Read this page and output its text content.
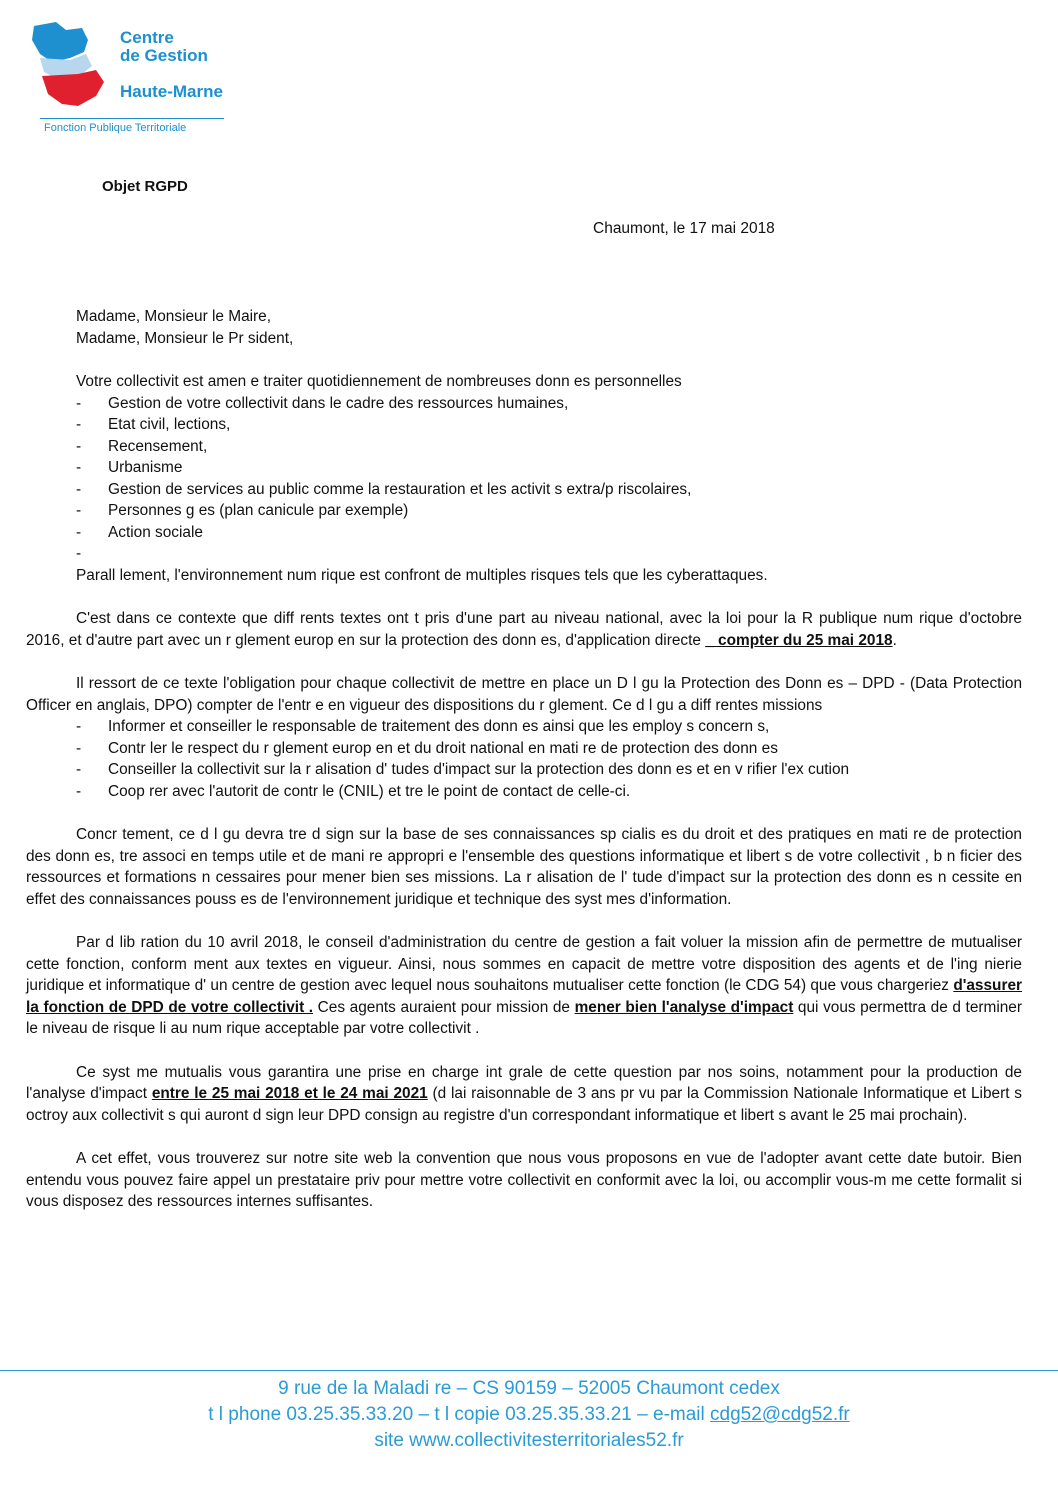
Centre
de Gestion
Haute-Marne
Fonction Publique Territoriale
Objet RGPD
Chaumont, le 17 mai 2018

Madame, Monsieur le Maire,

Madame, Monsieur le Pr sident,

Votre collectivit est amen e traiter quotidiennement de nombreuses donn es personnelles

- Gestion de votre collectivit dans le cadre des ressources humaines,
- Etat civil, lections,
- Recensement,
- Urbanisme
- Gestion de services au public comme la restauration et les activit s extra/p riscolaires,
- Personnes g es (plan canicule par exemple)
- Action sociale
-

Parall lement, l'environnement num rique est confront de multiples risques tels que les cyberattaques.

C'est dans ce contexte que diff rents textes ont t pris d'une part au niveau national, avec la loi pour la R publique num rique d'octobre 2016, et d'autre part avec un r glement europ en sur la protection des donn es, d'application directe _ compter du 25 mai 2018.

Il ressort de ce texte l'obligation pour chaque collectivit de mettre en place un D l gu la Protection des Donn es – DPD - (Data Protection Officer en anglais, DPO) compter de l'entr e en vigueur des dispositions du r glement. Ce d l gu a diff rentes missions

- Informer et conseiller le responsable de traitement des donn es ainsi que les employ s concern s,
- Contr ler le respect du r glement europ en et du droit national en mati re de protection des donn es
- Conseiller la collectivit sur la r alisation d' tudes d'impact sur la protection des donn es et en v rifier l'ex cution
- Coop rer avec l'autorit de contr le (CNIL) et tre le point de contact de celle-ci.

Concr tement, ce d l gu devra tre d sign sur la base de ses connaissances sp cialis es du droit et des pratiques en mati re de protection des donn es, tre associ en temps utile et de mani re appropri e l'ensemble des questions informatique et libert s de votre collectivit , b n ficier des ressources et formations n cessaires pour mener bien ses missions. La r alisation de l' tude d'impact sur la protection des donn es n cessite en effet des connaissances pouss es de l'environnement juridique et technique des syst mes d'information.

Par d lib ration du 10 avril 2018, le conseil d'administration du centre de gestion a fait voluer la mission afin de permettre de mutualiser cette fonction, conform ment aux textes en vigueur. Ainsi, nous sommes en capacit de mettre votre disposition des agents et de l'ing nierie juridique et informatique d' un centre de gestion avec lequel nous souhaitons mutualiser cette fonction (le CDG 54) que vous chargeriez d'assurer la fonction de DPD de votre collectivit . Ces agents auraient pour mission de mener bien l'analyse d'impact qui vous permettra de d terminer le niveau de risque li au num rique acceptable par votre collectivit .

Ce syst me mutualis vous garantira une prise en charge int grale de cette question par nos soins, notamment pour la production de l'analyse d'impact entre le 25 mai 2018 et le 24 mai 2021 (d lai raisonnable de 3 ans pr vu par la Commission Nationale Informatique et Libert s octroy aux collectivit s qui auront d sign leur DPD consign au registre d'un correspondant informatique et libert s avant le 25 mai prochain).

A cet effet, vous trouverez sur notre site web la convention que nous vous proposons en vue de l'adopter avant cette date butoir. Bien entendu vous pouvez faire appel un prestataire priv pour mettre votre collectivit en conformit avec la loi, ou accomplir vous-m me cette formalit si vous disposez des ressources internes suffisantes.

9 rue de la Maladi re – CS 90159 – 52005 Chaumont cedex
t l phone 03.25.35.33.20 – t l copie 03.25.35.33.21 – e-mail cdg52@cdg52.fr
site www.collectivitesterritoriales52.fr
